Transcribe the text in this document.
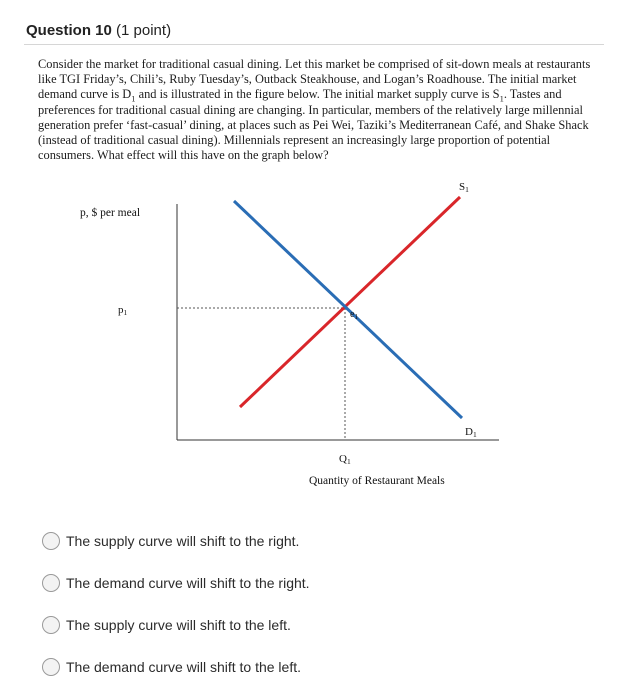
Question 10 (1 point)

Consider the market for traditional casual dining. Let this market be comprised of sit-down meals at restaurants like TGI Friday’s, Chili’s, Ruby Tuesday’s, Outback Steakhouse, and Logan’s Roadhouse. The initial market demand curve is $D_1$ and is illustrated in the figure below. The initial market supply curve is $S_1$. Tastes and preferences for traditional casual dining are changing. In particular, members of the relatively large millennial generation prefer ‘fast-casual’ dining, at places such as Pei Wei, Taziki’s Mediterranean Café, and Shake Shack (instead of traditional casual dining). Millennials represent an increasingly large proportion of potential consumers. What effect will this have on the graph below?

p, $ per meal
p1	$e_1$
S1
D1
Q1
Quantity of Restaurant Meals
The supply curve will shift to the right.
The demand curve will shift to the right.
The supply curve will shift to the left.
The demand curve will shift to the left.
